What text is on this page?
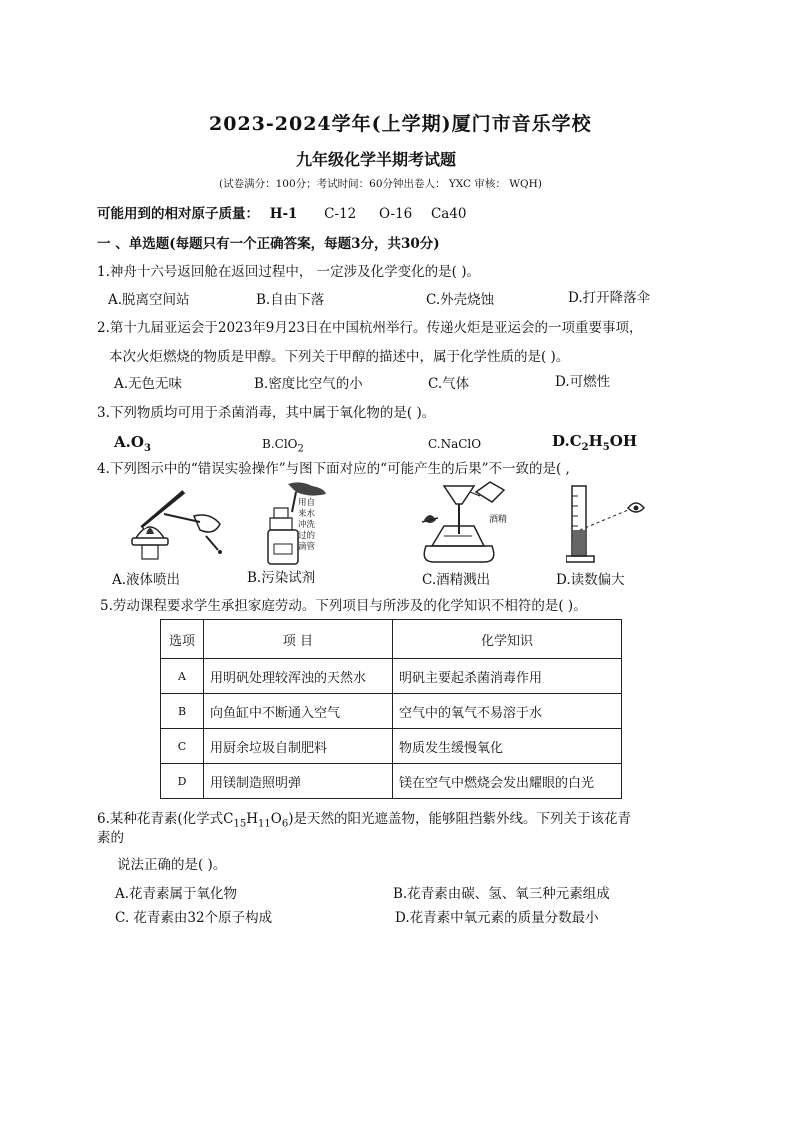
2023-2024学年(上学期)厦门市音乐学校
九年级化学半期考试题
(试卷满分：100分；考试时间：60分钟出卷人： YXC 审核： WQH)
可能用到的相对原子质量： H-1 C-12 O-16 Ca40
一 、单选题(每题只有一个正确答案，每题3分，共30分)
1.神舟十六号返回舱在返回过程中， 一定涉及化学变化的是( )。
A.脱离空间站	B.自由下落	C.外壳烧蚀	D.打开降落伞
2.第十九届亚运会于2023年9月23日在中国杭州举行。传递火炬是亚运会的一项重要事项，
本次火炬燃烧的物质是甲醇。下列关于甲醇的描述中，属于化学性质的是( )。
A.无色无味	B.密度比空气的小	C.气体	D.可燃性
3.下列物质均可用于杀菌消毒，其中属于氧化物的是( )。
$A.O_3$	B.ClO$_2$	C.NaClO	$D.C_2H_5OH$
4.下列图示中的“错误实验操作”与图下面对应的“可能产生的后果”不一致的是( ,
用自
来水
冲洗
过的
滴管
酒精
A.液体喷出	B.污染试剂	C.酒精溅出	D.读数偏大
5.劳动课程要求学生承担家庭劳动。下列项目与所涉及的化学知识不相符的是( )。
选项	项 目	化学知识
A	用明矾处理较浑浊的天然水	明矾主要起杀菌消毒作用
B	向鱼缸中不断通入空气	空气中的氧气不易溶于水
C	用厨余垃圾自制肥料	物质发生缓慢氧化
D	用镁制造照明弹	镁在空气中燃烧会发出耀眼的白光
6.某种花青素(化学式$C_{15}H_{11}O_6$)是天然的阳光遮盖物，能够阻挡紫外线。下列关于该花青
素的
说法正确的是( )。
A.花青素属于氧化物	B.花青素由碳、氢、氧三种元素组成
C. 花青素由32个原子构成	D.花青素中氧元素的质量分数最小
